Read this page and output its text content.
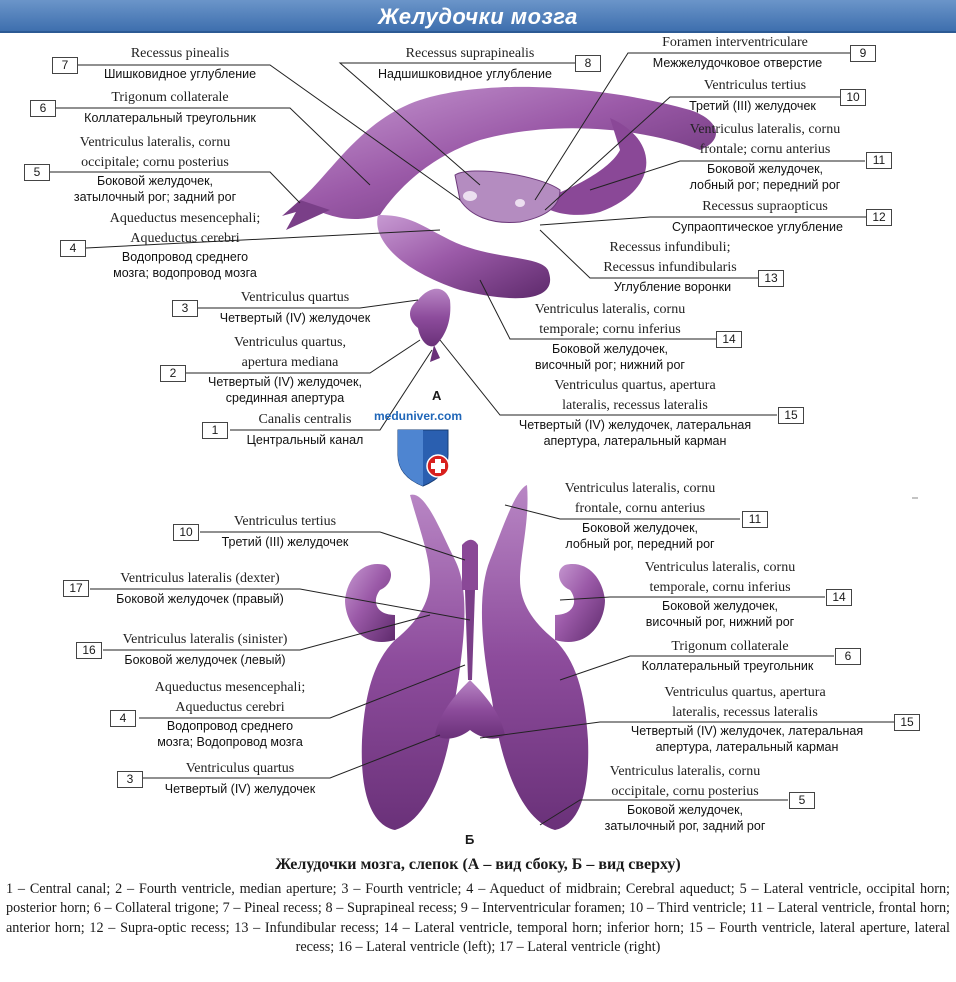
Желудочки мозга
meduniver.com
А
Б
Recessus pinealis
Шишковидное углубление
7
Trigonum collaterale
Коллатеральный треугольник
6
Ventriculus lateralis, cornu
occipitale; cornu posterius
Боковой желудочек,
затылочный рог; задний рог
5
Aqueductus mesencephali;
Aqueductus cerebri
Водопровод среднего
мозга; водопровод мозга
4
Ventriculus quartus
Четвертый (IV) желудочек
3
Ventriculus quartus,
apertura mediana
Четвертый (IV) желудочек,
срединная апертура
2
Canalis centralis
Центральный канал
1
Recessus suprapinealis
Надшишковидное углубление
8
Foramen interventriculare
Межжелудочковое отверстие
9
Ventriculus tertius
Третий (III) желудочек
10
Ventriculus lateralis, cornu
frontale; cornu anterius
Боковой желудочек,
лобный рог; передний рог
11
Recessus supraopticus
Супраоптическое углубление
12
Recessus infundibuli;
Recessus infundibularis
Углубление воронки
13
Ventriculus lateralis, cornu
temporale; cornu inferius
Боковой желудочек,
височный рог; нижний рог
14
Ventriculus quartus, apertura
lateralis, recessus lateralis
Четвертый (IV) желудочек, латеральная
апертура, латеральный карман
15
Ventriculus tertius
Третий (III) желудочек
10
Ventriculus lateralis (dexter)
Боковой желудочек (правый)
17
Ventriculus lateralis (sinister)
Боковой желудочек (левый)
16
Aqueductus mesencephali;
Aqueductus cerebri
Водопровод среднего
мозга; Водопровод мозга
4
Ventriculus quartus
Четвертый (IV) желудочек
3
Ventriculus lateralis, cornu
frontale, cornu anterius
Боковой желудочек,
лобный рог, передний рог
11
Ventriculus lateralis, cornu
temporale, cornu inferius
Боковой желудочек,
височный рог, нижний рог
14
Trigonum collaterale
Коллатеральный треугольник
6
Ventriculus quartus, apertura
lateralis, recessus lateralis
Четвертый (IV) желудочек, латеральная
апертура, латеральный карман
15
Ventriculus lateralis, cornu
occipitale, cornu posterius
Боковой желудочек,
затылочный рог, задний рог
5
Желудочки мозга, слепок (А – вид сбоку, Б – вид сверху)
1 – Central canal; 2 – Fourth ventricle, median aperture; 3 – Fourth ventricle; 4 – Aqueduct of midbrain; Cerebral aqueduct; 5 – Lateral ventricle, occipital horn; posterior horn; 6 – Collateral trigone; 7 – Pineal recess; 8 – Suprapineal recess; 9 – Interventricular foramen; 10 – Third ventricle; 11 – Lateral ventricle, frontal horn; anterior horn; 12 – Supra-optic recess; 13 – Infundibular recess; 14 – Lateral ventricle, temporal horn; inferior horn; 15 – Fourth ventricle, lateral aperture, lateral recess; 16 – Lateral ventricle (left); 17 – Lateral ventricle (right)
